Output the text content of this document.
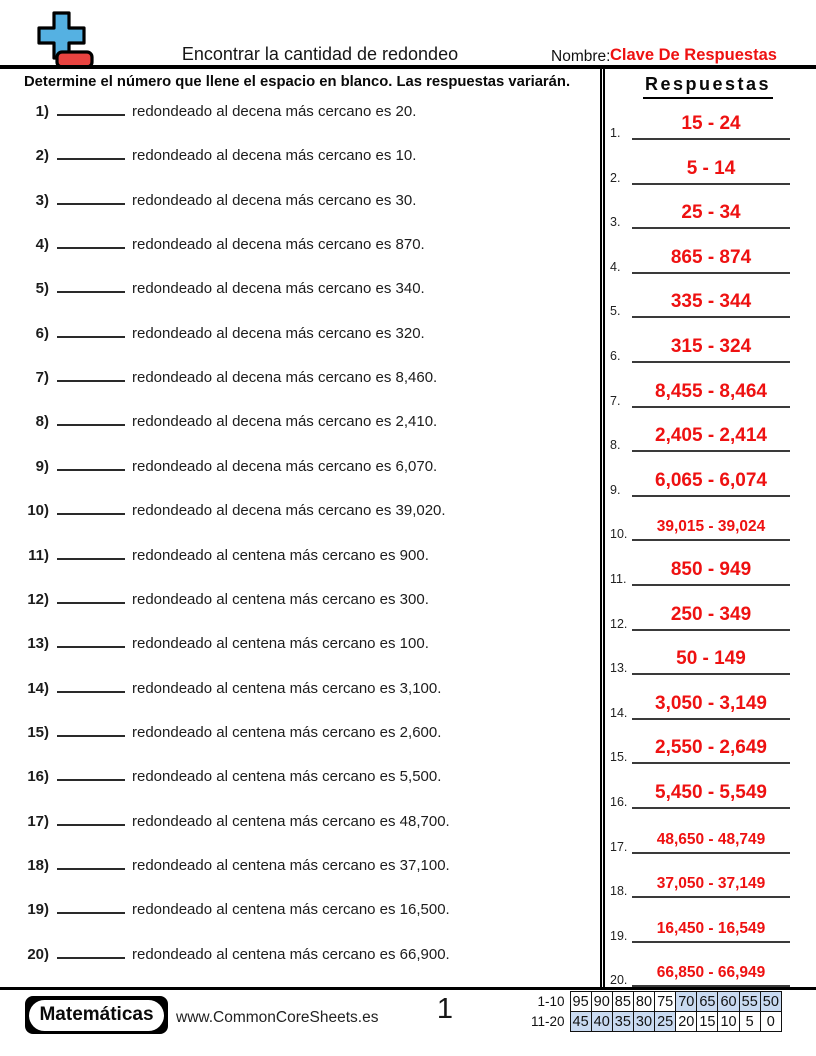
Encontrar la cantidad de redondeo	Nombre: Clave De Respuestas
Determine el número que llene el espacio en blanco. Las respuestas variarán.
1)	redondeado al decena más cercano es 20.
2)	redondeado al decena más cercano es 10.
3)	redondeado al decena más cercano es 30.
4)	redondeado al decena más cercano es 870.
5)	redondeado al decena más cercano es 340.
6)	redondeado al decena más cercano es 320.
7)	redondeado al decena más cercano es 8,460.
8)	redondeado al decena más cercano es 2,410.
9)	redondeado al decena más cercano es 6,070.
10)	redondeado al decena más cercano es 39,020.
11)	redondeado al centena más cercano es 900.
12)	redondeado al centena más cercano es 300.
13)	redondeado al centena más cercano es 100.
14)	redondeado al centena más cercano es 3,100.
15)	redondeado al centena más cercano es 2,600.
16)	redondeado al centena más cercano es 5,500.
17)	redondeado al centena más cercano es 48,700.
18)	redondeado al centena más cercano es 37,100.
19)	redondeado al centena más cercano es 16,500.
20)	redondeado al centena más cercano es 66,900.
Respuestas
1.	15 - 24
2.	5 - 14
3.	25 - 34
4.	865 - 874
5.	335 - 344
6.	315 - 324
7.	8,455 - 8,464
8.	2,405 - 2,414
9.	6,065 - 6,074
10.	39,015 - 39,024
11.	850 - 949
12.	250 - 349
13.	50 - 149
14.	3,050 - 3,149
15.	2,550 - 2,649
16.	5,450 - 5,549
17.	48,650 - 48,749
18.	37,050 - 37,149
19.	16,450 - 16,549
20.	66,850 - 66,949
Matemáticas	www.CommonCoreSheets.es	1	1-10	95	90	85	80	75	70	65	60	55	50
11-20	45	40	35	30	25	20	15	10	5	0
